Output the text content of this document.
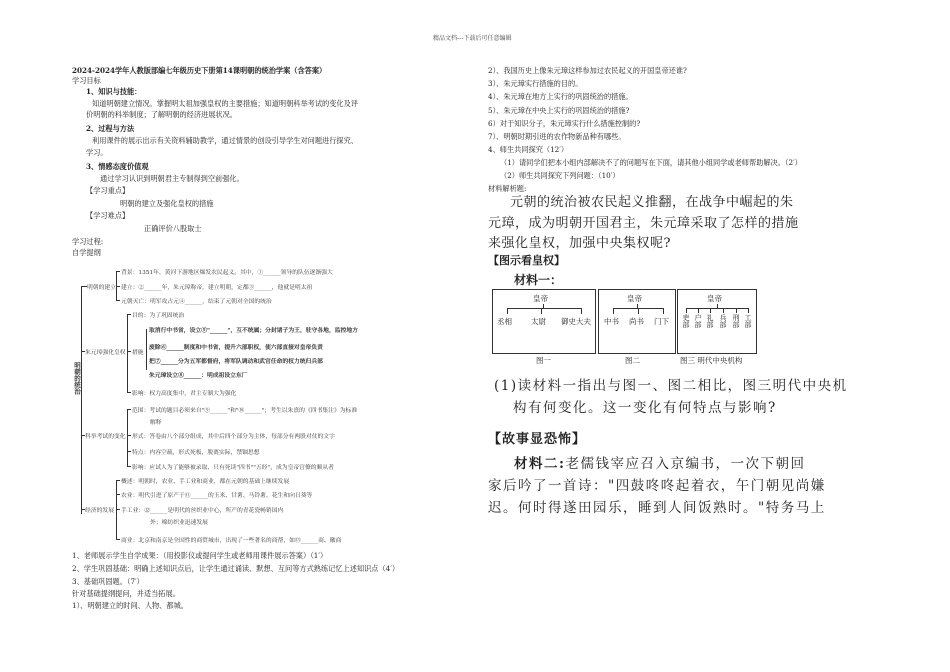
精品文档---下载后可任意编辑
2024-2024学年人教版部编七年级历史下册第14课明朝的统治学案（含答案）
学习目标
1、知识与技能：
知道明朝建立情况。掌握明太祖加强皇权的主要措施；知道明朝科举考试的变化及评
价明朝的科举制度；了解明朝的经济进展状况。
2、过程与方法
利用课件的展示出示有关资料辅助教学，通过情景的创设引导学生对问题进行探究、
学习。
3、情感态度价值观
通过学习认识到明朝君主专制得到空前强化。
【学习重点】
明朝的建立及强化皇权的措施
【学习难点】
正确评价八股取士
学习过程:
自学提纲
明朝的统治
明朝的建立
背景：1351年，黄河下游地区爆发农民起义。其中，①______领导的队伍逐渐强大
建立：②______年，朱元璋称帝，建立明朝，定都③______，他就是明太祖
元朝灭亡：明军攻占元④______，结束了元朝对全国的统治
朱元璋强化皇权
目的：为了巩固统治
措施
取消行中书省，设立⑤"______"，互不统属；分封诸子为王，驻守各地，监控地方
废除⑥______制度和中书省，提升六部职权，使六部直接对皇帝负责
把⑦______分为五军都督府，将军队调动和武官任命的权力统归兵部
朱元璋设立⑧______：明成祖设立东厂
影响：权力高度集中，君主专制大为强化
科举考试的变化
范围：考试的题目必须来自"⑨______"和"⑩______"；考生以朱熹的《四书集注》为标准
解释
形式：答卷由八个部分组成，其中后四个部分为主体，每部分有两股对仗的文字
特点：内容空疏，形式死板，脱离实际，禁锢思想
影响：应试人为了能够被录取，只有死读"四书""五经"，成为皇帝官僚的顺从者
经济的发展
概述：明朝时，农业、手工业和商业，都在元朝的基础上继续发展
农业：明代引进了原产于⑪______的玉米、甘薯、马铃薯、花生和向日葵等
手工业：⑫______是明代的丝织业中心，所产的青花瓷畅销国内
外；棉纺织业迅速发展
商业：北京和南京是全国性的商贸城市，出现了一些著名的商帮，如⑬______商、徽商
1、老师展示学生自学成果：（用投影仪或提问学生或老师用课件展示答案）（1′）
2、学生巩固基础：明确上述知识点后，让学生通过诵读、默想、互问等方式熟练记忆上述知识点（4′）
3、基础巩固题。（7′）
针对基础提纲提问，并适当拓展。
1）、明朝建立的时间、人物、都城。
2）、我国历史上像朱元璋这样参加过农民起义的开国皇帝还谁?
3）、朱元璋实行措施的目的。
4）、朱元璋在地方上实行的巩固统治的措施。
5）、朱元璋在中央上实行的巩固统治的措施?
6）对于知识分子，朱元璋实行什么措施控制的?
7）、明朝时期引进的农作物新品种有哪些。
4、师生共同探究（12′）
（1）请同学们把本小组内部解决不了的问题写在下面，请其他小组同学或老师帮助解决。（2′）
（2）师生共同探究下列问题：（10′）
材料解析题:
元朝的统治被农民起义推翻，在战争中崛起的朱
元璋，成为明朝开国君主，朱元璋采取了怎样的措施
来强化皇权，加强中央集权呢?
【图示看皇权】
材料一：
皇帝
丞相	太尉 御史大夫
图一
皇帝
中书 尚书 门下
图二
皇帝
吏部 户部 礼部 兵部 刑部 工部
图三 明代中央机构
(1)读材料一指出与图一、图二相比，图三明代中央机
构有何变化。这一变化有何特点与影响?
【故事显恐怖】
材料二:老儒钱宰应召入京编书，一次下朝回
家后吟了一首诗："四鼓咚咚起着衣，午门朝见尚嫌
迟。何时得遂田园乐，睡到人间饭熟时。"特务马上
